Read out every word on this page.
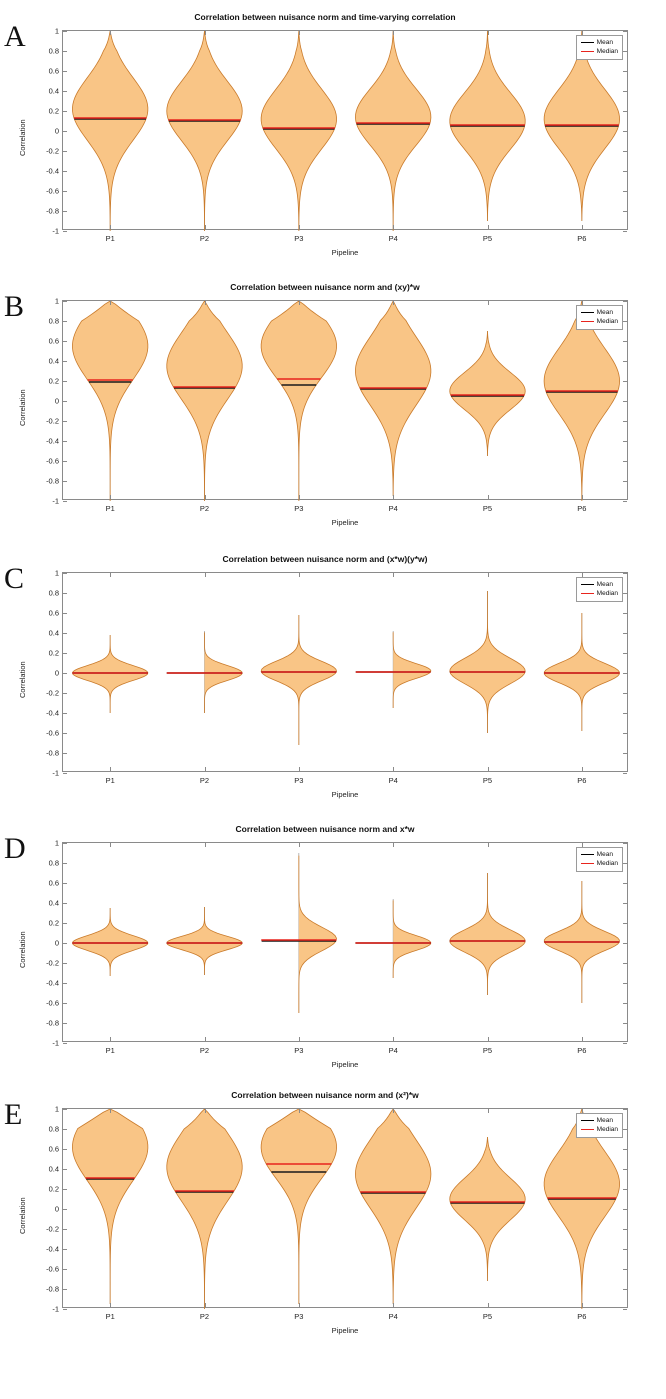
A
Correlation between nuisance norm and time-varying correlation
-1
-0.8
-0.6
-0.4
-0.2
0
0.2
0.4
0.6
0.8
1
P1	P2	P3	P4	P5	P6
Mean
Median
Correlation
Pipeline
B
Correlation between nuisance norm and (xy)*w
-1
-0.8
-0.6
-0.4
-0.2
0
0.2
0.4
0.6
0.8
1
P1	P2	P3	P4	P5	P6
Mean
Median
Correlation
Pipeline
C
Correlation between nuisance norm and (x*w)(y*w)
-1
-0.8
-0.6
-0.4
-0.2
0
0.2
0.4
0.6
0.8
1
P1	P2	P3	P4	P5	P6
Mean
Median
Correlation
Pipeline
D
Correlation between nuisance norm and x*w
-1
-0.8
-0.6
-0.4
-0.2
0
0.2
0.4
0.6
0.8
1
P1	P2	P3	P4	P5	P6
Mean
Median
Correlation
Pipeline
E
Correlation between nuisance norm and (x²)*w
-1
-0.8
-0.6
-0.4
-0.2
0
0.2
0.4
0.6
0.8
1
P1	P2	P3	P4	P5	P6
Mean
Median
Correlation
Pipeline
